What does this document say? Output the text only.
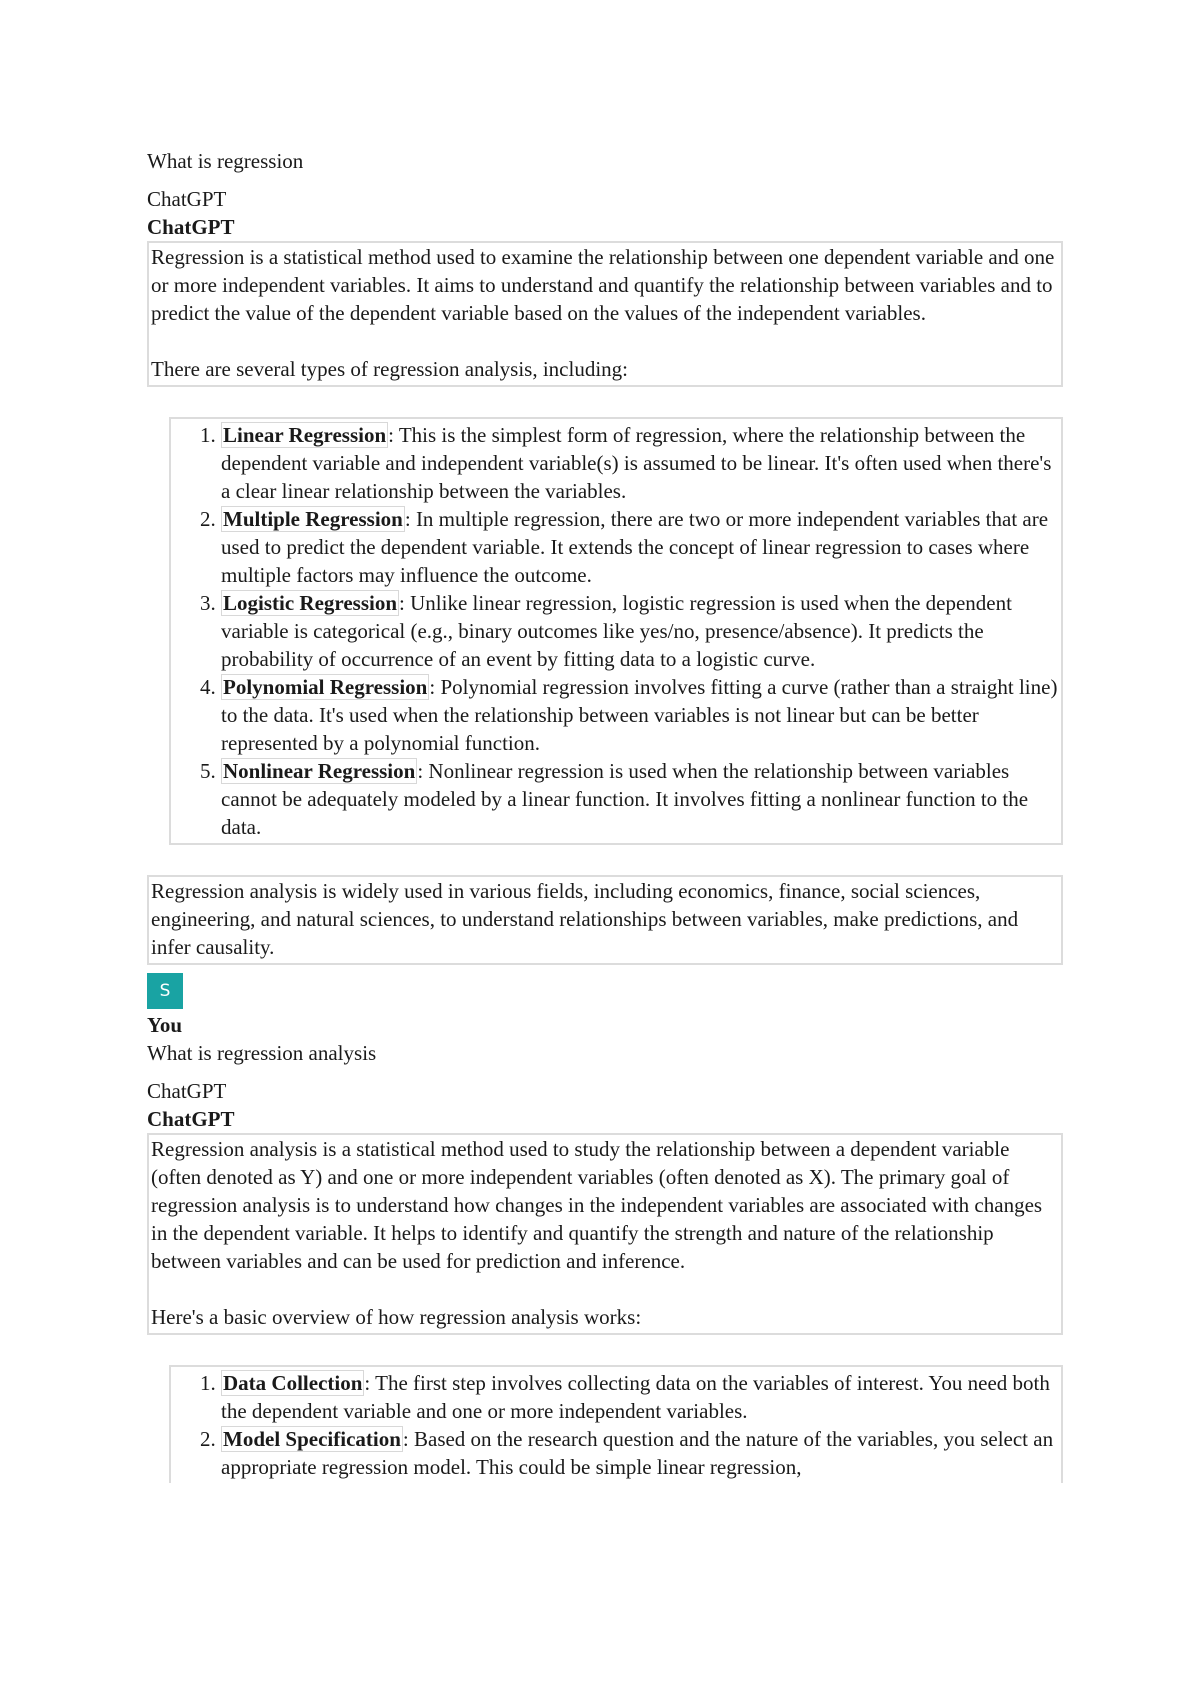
What is regression

ChatGPT

ChatGPT

Regression is a statistical method used to examine the relationship between one dependent variable and one or more independent variables. It aims to understand and quantify the relationship between variables and to predict the value of the dependent variable based on the values of the independent variables.

There are several types of regression analysis, including:

1. Linear Regression: This is the simplest form of regression, where the relationship between the dependent variable and independent variable(s) is assumed to be linear. It's often used when there's a clear linear relationship between the variables.
2. Multiple Regression: In multiple regression, there are two or more independent variables that are used to predict the dependent variable. It extends the concept of linear regression to cases where multiple factors may influence the outcome.
3. Logistic Regression: Unlike linear regression, logistic regression is used when the dependent variable is categorical (e.g., binary outcomes like yes/no, presence/absence). It predicts the probability of occurrence of an event by fitting data to a logistic curve.
4. Polynomial Regression: Polynomial regression involves fitting a curve (rather than a straight line) to the data. It's used when the relationship between variables is not linear but can be better represented by a polynomial function.
5. Nonlinear Regression: Nonlinear regression is used when the relationship between variables cannot be adequately modeled by a linear function. It involves fitting a nonlinear function to the data.

Regression analysis is widely used in various fields, including economics, finance, social sciences, engineering, and natural sciences, to understand relationships between variables, make predictions, and infer causality.

S

You

What is regression analysis

ChatGPT

ChatGPT

Regression analysis is a statistical method used to study the relationship between a dependent variable (often denoted as Y) and one or more independent variables (often denoted as X). The primary goal of regression analysis is to understand how changes in the independent variables are associated with changes in the dependent variable. It helps to identify and quantify the strength and nature of the relationship between variables and can be used for prediction and inference.

Here's a basic overview of how regression analysis works:

1. Data Collection: The first step involves collecting data on the variables of interest. You need both the dependent variable and one or more independent variables.
2. Model Specification: Based on the research question and the nature of the variables, you select an appropriate regression model. This could be simple linear regression,
